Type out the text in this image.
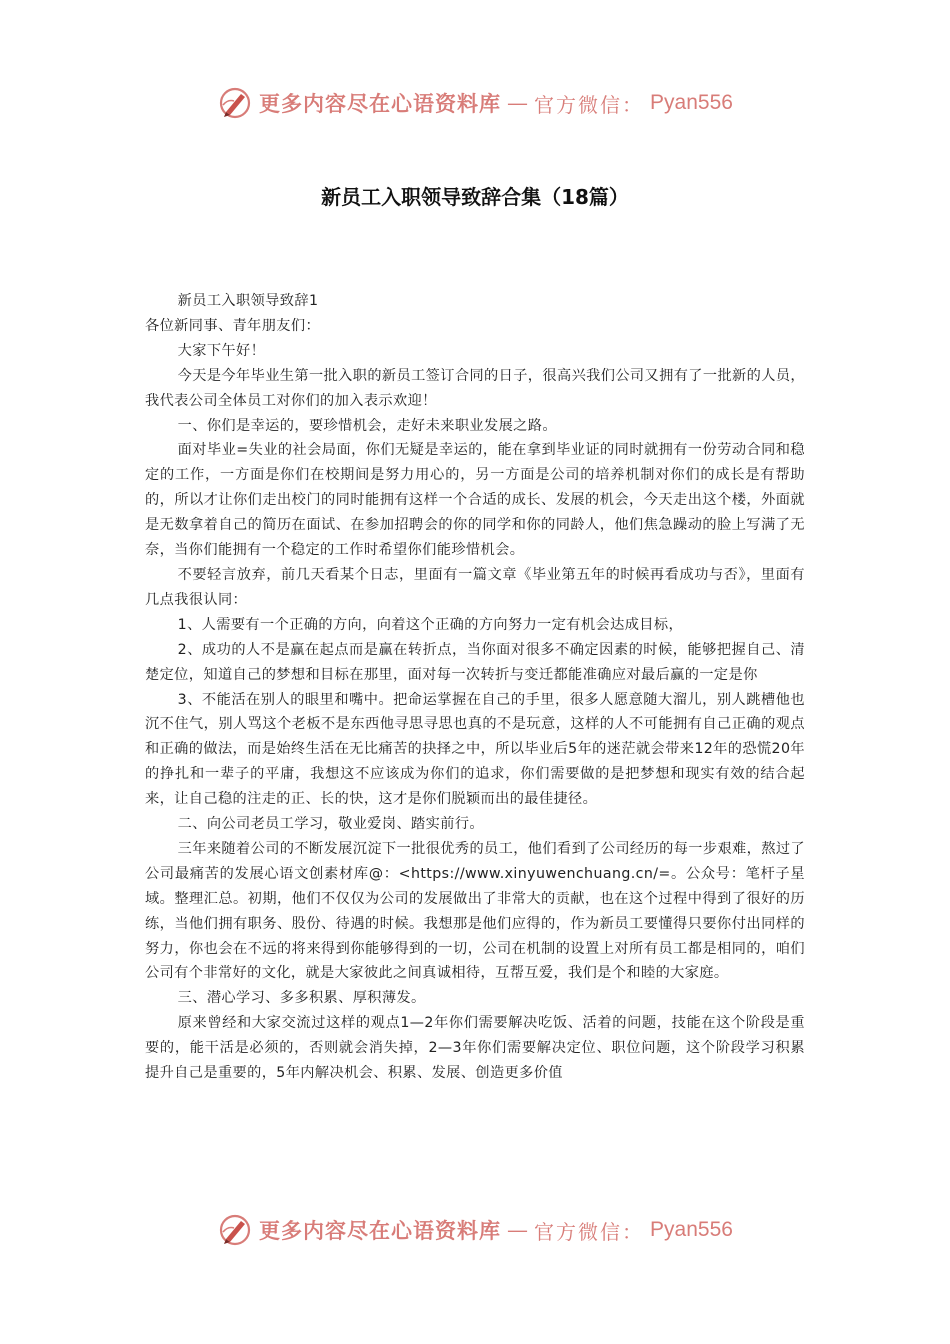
更多内容尽在心语资料库 — 官方微信： Pyan556
新员工入职领导致辞合集（18篇）

新员工入职领导致辞1

各位新同事、青年朋友们：

大家下午好！

今天是今年毕业生第一批入职的新员工签订合同的日子，很高兴我们公司又拥有了一批新的人员，我代表公司全体员工对你们的加入表示欢迎！

一、你们是幸运的，要珍惜机会，走好未来职业发展之路。

面对毕业=失业的社会局面，你们无疑是幸运的，能在拿到毕业证的同时就拥有一份劳动合同和稳定的工作，一方面是你们在校期间是努力用心的，另一方面是公司的培养机制对你们的成长是有帮助的，所以才让你们走出校门的同时能拥有这样一个合适的成长、发展的机会，今天走出这个楼，外面就是无数拿着自己的简历在面试、在参加招聘会的你的同学和你的同龄人，他们焦急躁动的脸上写满了无奈，当你们能拥有一个稳定的工作时希望你们能珍惜机会。

不要轻言放弃，前几天看某个日志，里面有一篇文章《毕业第五年的时候再看成功与否》，里面有几点我很认同：

1、人需要有一个正确的方向，向着这个正确的方向努力一定有机会达成目标，

2、成功的人不是赢在起点而是赢在转折点，当你面对很多不确定因素的时候，能够把握自己、清楚定位，知道自己的梦想和目标在那里，面对每一次转折与变迁都能准确应对最后赢的一定是你

3、不能活在别人的眼里和嘴中。把命运掌握在自己的手里，很多人愿意随大溜儿，别人跳槽他也沉不住气，别人骂这个老板不是东西他寻思寻思也真的不是玩意，这样的人不可能拥有自己正确的观点和正确的做法，而是始终生活在无比痛苦的抉择之中，所以毕业后5年的迷茫就会带来12年的恐慌20年的挣扎和一辈子的平庸，我想这不应该成为你们的追求，你们需要做的是把梦想和现实有效的结合起来，让自己稳的注走的正、长的快，这才是你们脱颖而出的最佳捷径。

二、向公司老员工学习，敬业爱岗、踏实前行。

三年来随着公司的不断发展沉淀下一批很优秀的员工，他们看到了公司经历的每一步艰难，熬过了公司最痛苦的发展心语文创素材库@：<https://www.xinyuwenchuang.cn/=。公众号：笔杆子星域。整理汇总。初期，他们不仅仅为公司的发展做出了非常大的贡献，也在这个过程中得到了很好的历练，当他们拥有职务、股份、待遇的时候。我想那是他们应得的，作为新员工要懂得只要你付出同样的努力，你也会在不远的将来得到你能够得到的一切，公司在机制的设置上对所有员工都是相同的，咱们公司有个非常好的文化，就是大家彼此之间真诚相待，互帮互爱，我们是个和睦的大家庭。

三、潜心学习、多多积累、厚积薄发。

原来曾经和大家交流过这样的观点1—2年你们需要解决吃饭、活着的问题，技能在这个阶段是重要的，能干活是必须的，否则就会消失掉，2—3年你们需要解决定位、职位问题，这个阶段学习积累提升自己是重要的，5年内解决机会、积累、发展、创造更多价值

更多内容尽在心语资料库 — 官方微信： Pyan556
